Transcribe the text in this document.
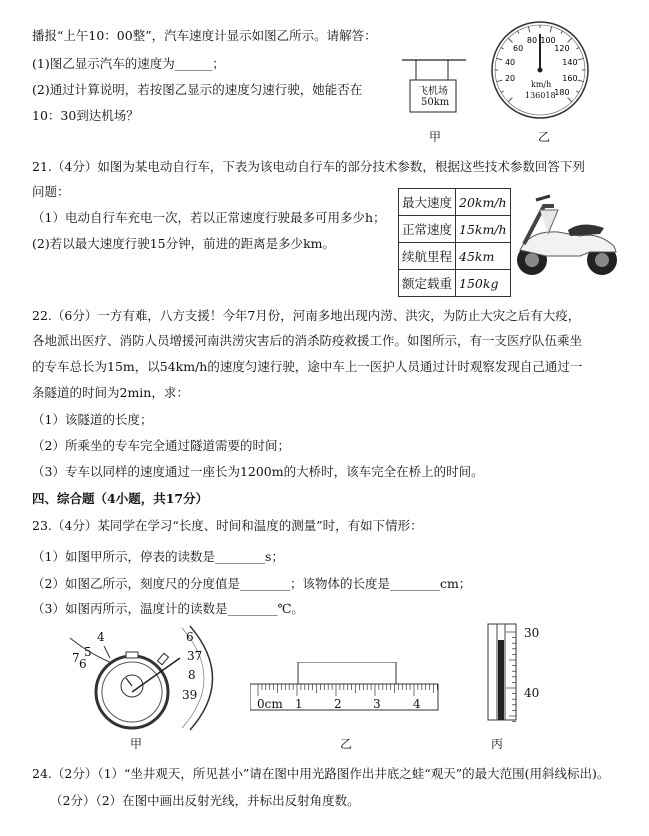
播报“上午10：00整”，汽车速度计显示如图乙所示。请解答：
(1)图乙显示汽车的速度为______；
(2)通过计算说明，若按图乙显示的速度匀速行驶，她能否在
10：30到达机场？
飞机场
50km
甲
20
40
60
80 100
120
140
160
180
km/h
136018
乙
21.（4分）如图为某电动自行车，下表为该电动自行车的部分技术参数，根据这些技术参数回答下列
问题：
（1）电动自行车充电一次，若以正常速度行驶最多可用多少h；
(2)若以最大速度行驶15分钟，前进的距离是多少km。
最大速度	20km/h
正常速度	15km/h
续航里程	45km
额定载重	150kg
22.（6分）一方有难，八方支援！今年7月份，河南多地出现内涝、洪灾，为防止大灾之后有大疫，
各地派出医疗、消防人员增援河南洪涝灾害后的消杀防疫救援工作。如图所示，有一支医疗队伍乘坐
的专车总长为15m，以54km/h的速度匀速行驶，途中车上一医护人员通过计时观察发现自己通过一
条隧道的时间为2min，求：
（1）该隧道的长度；
（2）所乘坐的专车完全通过隧道需要的时间；
（3）专车以同样的速度通过一座长为1200m的大桥时，该车完全在桥上的时间。
四、综合题（4小题，共17分）
23.（4分）某同学在学习“长度、时间和温度的测量”时，有如下情形：
（1）如图甲所示，停表的读数是________s；
（2）如图乙所示，刻度尺的分度值是________；该物体的长度是________cm；
（3）如图丙所示，温度计的读数是________℃。
4
5
6
7
6
37
8
39
甲
0cm 1	2	3	4
乙
30
40
丙
24.（2分）（1）“坐井观天，所见甚小”请在图中用光路图作出井底之蛙“观天”的最大范围(用斜线标出)。
（2分）（2）在图中画出反射光线，并标出反射角度数。
